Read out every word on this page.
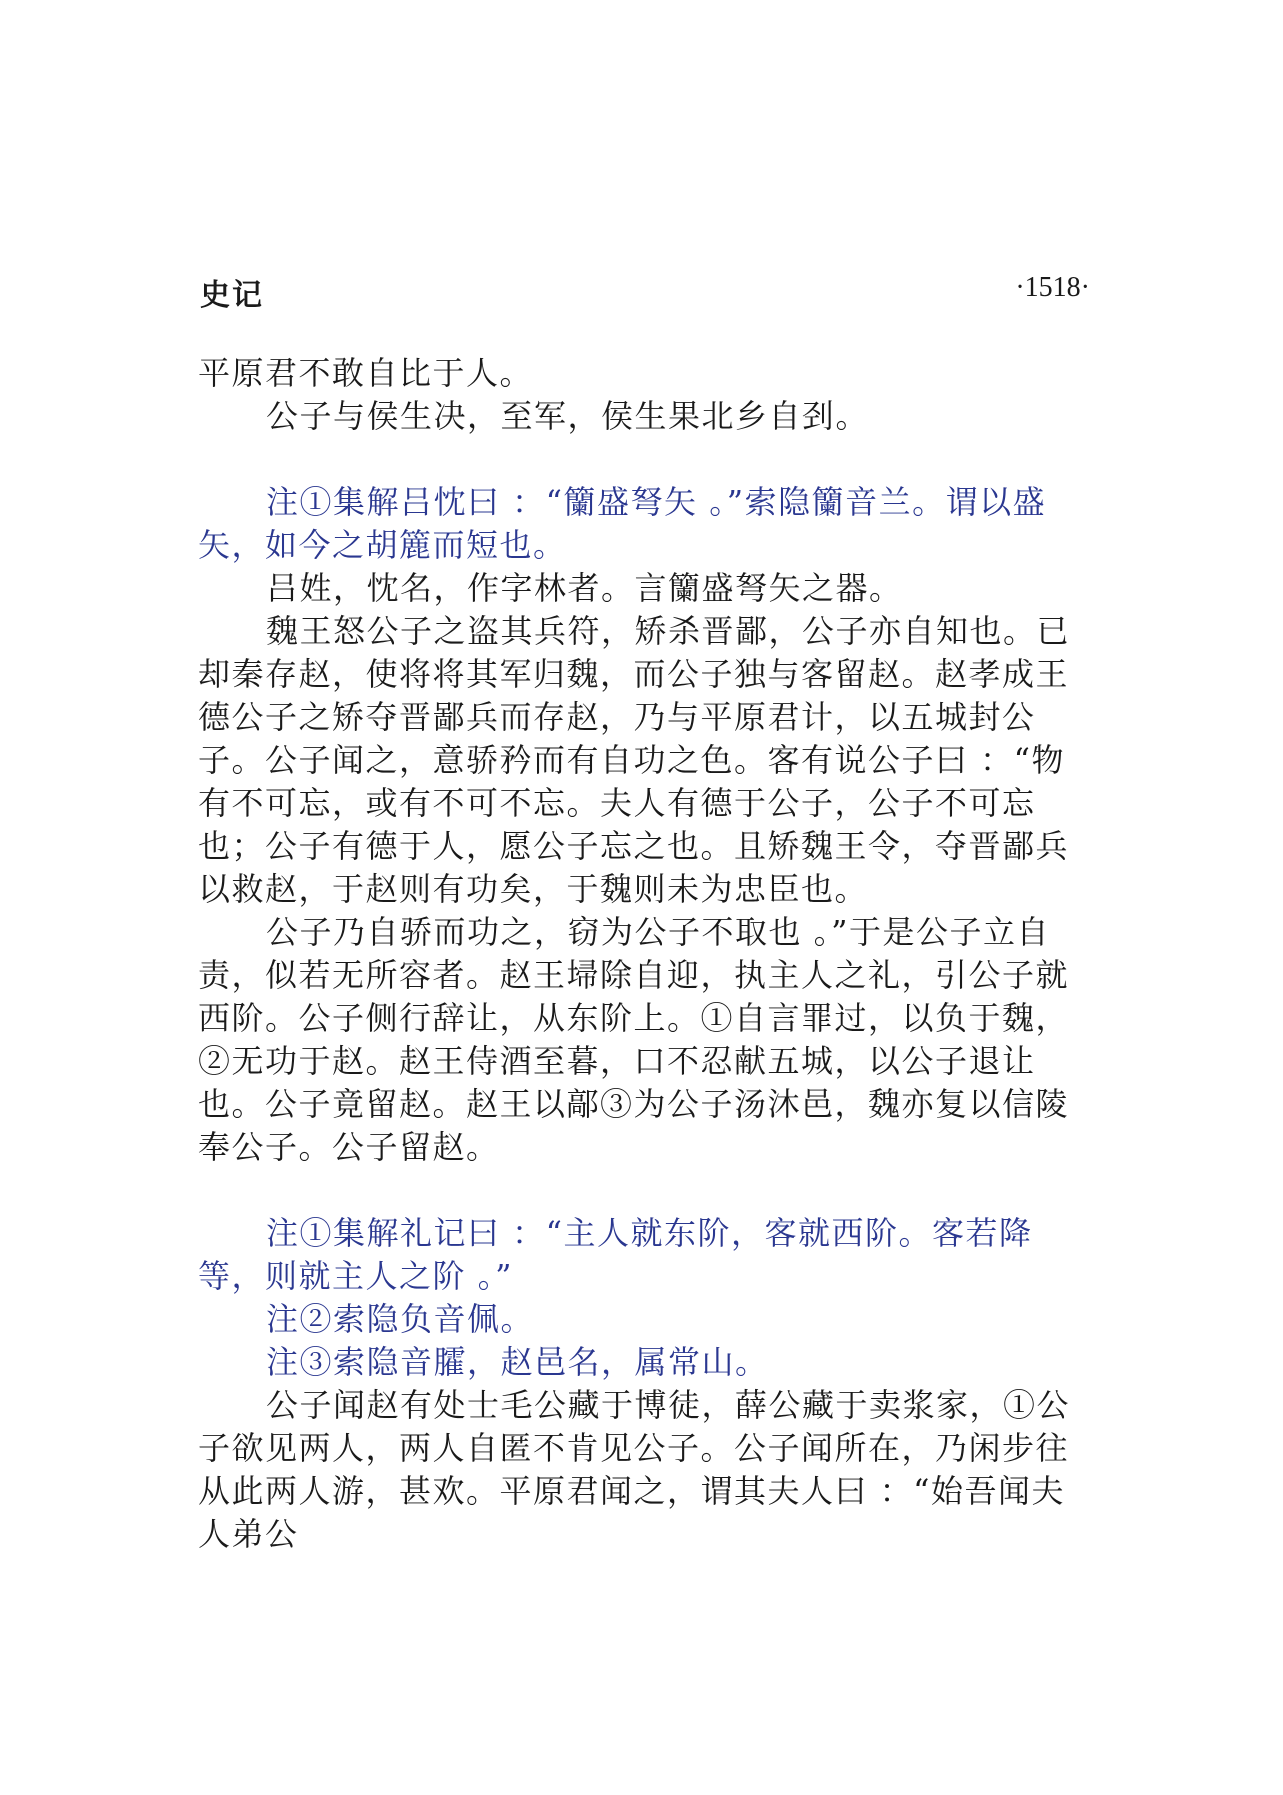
史记	·1518·

平原君不敢自比于人。

公子与侯生决，至军，侯生果北乡自刭。

注①集解吕忱曰 ：“籣盛弩矢 。”索隐籣音兰。谓以盛矢，如今之胡簏而短也。

吕姓，忱名，作字林者。言籣盛弩矢之器。

魏王怒公子之盗其兵符，矫杀晋鄙，公子亦自知也。已却秦存赵，使将将其军归魏，而公子独与客留赵。赵孝成王德公子之矫夺晋鄙兵而存赵，乃与平原君计，以五城封公子。公子闻之，意骄矜而有自功之色。客有说公子曰 ：“物有不可忘，或有不可不忘。夫人有德于公子，公子不可忘也；公子有德于人，愿公子忘之也。且矫魏王令，夺晋鄙兵以救赵，于赵则有功矣，于魏则未为忠臣也。

公子乃自骄而功之，窃为公子不取也 。”于是公子立自责，似若无所容者。赵王埽除自迎，执主人之礼，引公子就西阶。公子侧行辞让，从东阶上。①自言罪过，以负于魏，②无功于赵。赵王侍酒至暮，口不忍献五城，以公子退让也。公子竟留赵。赵王以鄗③为公子汤沐邑，魏亦复以信陵奉公子。公子留赵。

注①集解礼记曰 ：“主人就东阶，客就西阶。客若降等，则就主人之阶 。”

注②索隐负音佩。

注③索隐音臛，赵邑名，属常山。

公子闻赵有处士毛公藏于博徒，薛公藏于卖浆家，①公子欲见两人，两人自匿不肯见公子。公子闻所在，乃闲步往从此两人游，甚欢。平原君闻之，谓其夫人曰 ：“始吾闻夫人弟公
